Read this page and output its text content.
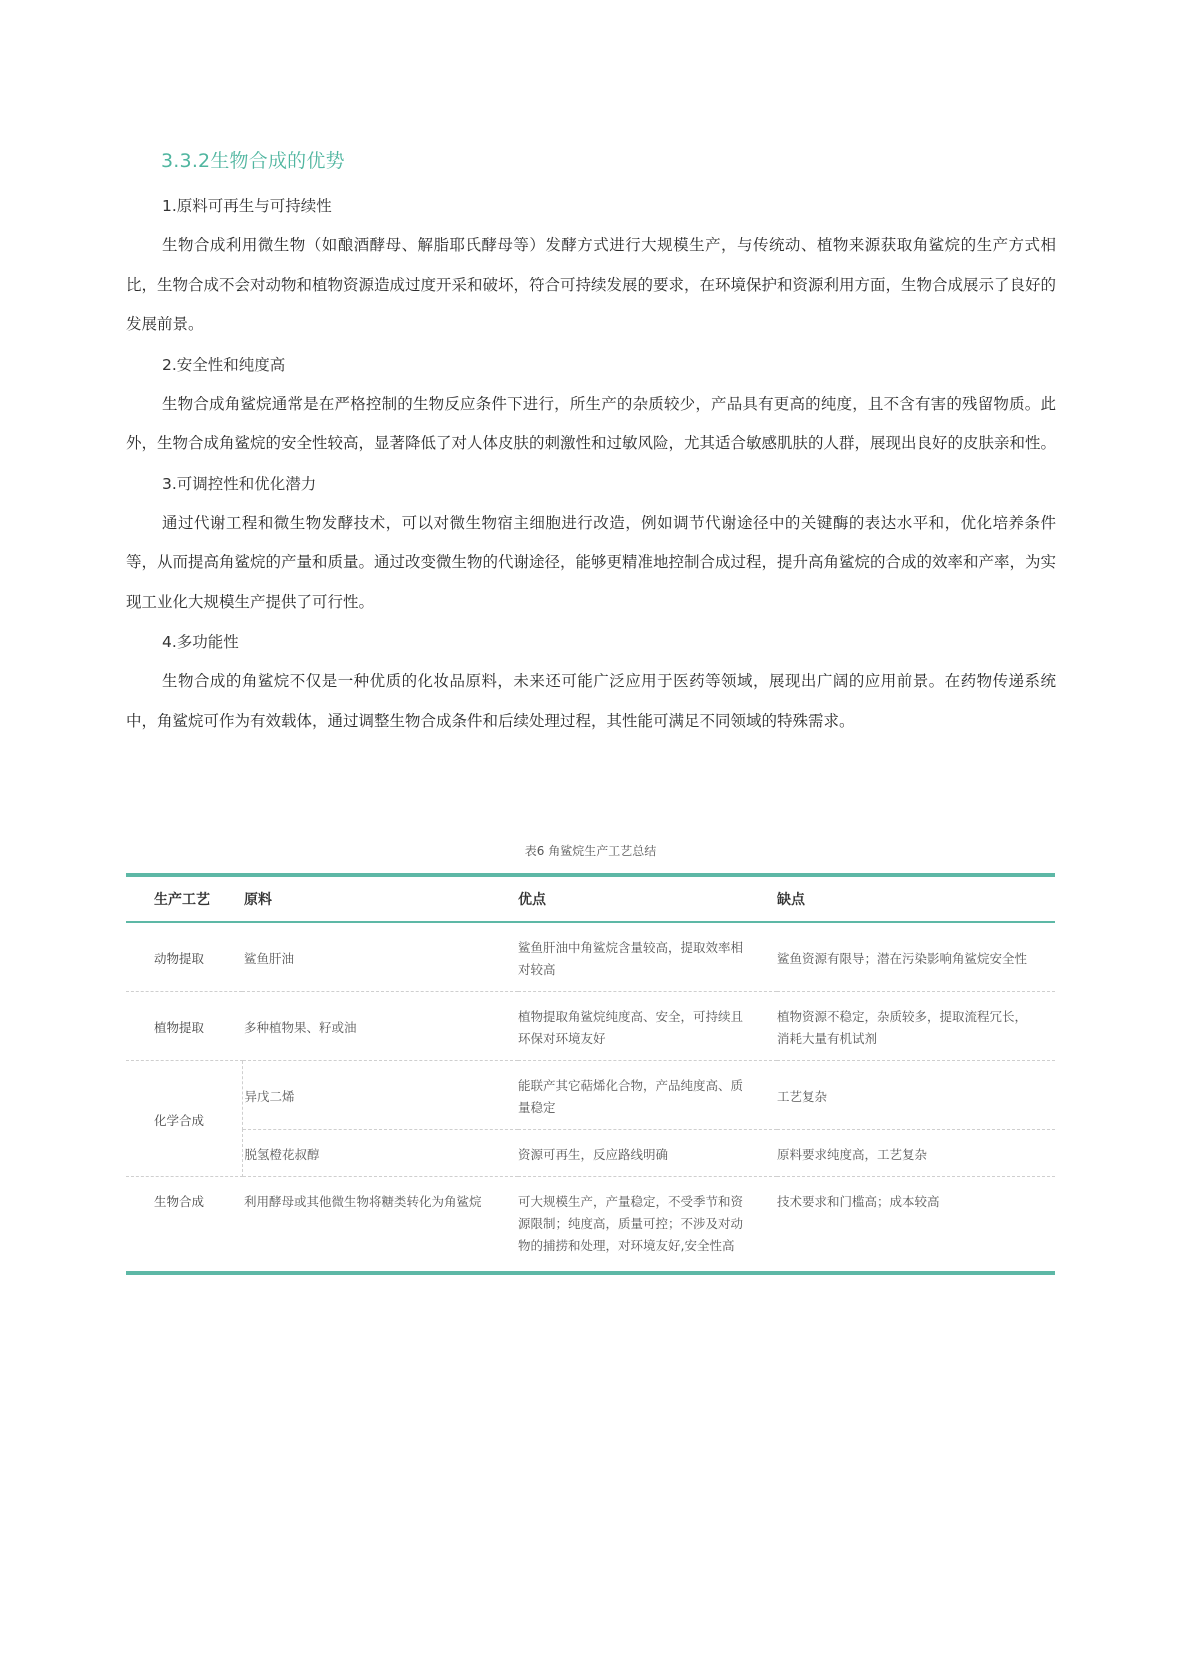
3.3.2生物合成的优势

1.原料可再生与可持续性

生物合成利用微生物（如酿酒酵母、解脂耶氏酵母等）发酵方式进行大规模生产，与传统动、植物来源获取角鲨烷的生产方式相比，生物合成不会对动物和植物资源造成过度开采和破坏，符合可持续发展的要求，在环境保护和资源利用方面，生物合成展示了良好的发展前景。

2.安全性和纯度高

生物合成角鲨烷通常是在严格控制的生物反应条件下进行，所生产的杂质较少，产品具有更高的纯度，且不含有害的残留物质。此外，生物合成角鲨烷的安全性较高，显著降低了对人体皮肤的刺激性和过敏风险，尤其适合敏感肌肤的人群，展现出良好的皮肤亲和性。

3.可调控性和优化潜力

通过代谢工程和微生物发酵技术，可以对微生物宿主细胞进行改造，例如调节代谢途径中的关键酶的表达水平和，优化培养条件等，从而提高角鲨烷的产量和质量。通过改变微生物的代谢途径，能够更精准地控制合成过程，提升高角鲨烷的合成的效率和产率，为实现工业化大规模生产提供了可行性。

4.多功能性

生物合成的角鲨烷不仅是一种优质的化妆品原料，未来还可能广泛应用于医药等领域，展现出广阔的应用前景。在药物传递系统中，角鲨烷可作为有效载体，通过调整生物合成条件和后续处理过程，其性能可满足不同领域的特殊需求。

表6 角鲨烷生产工艺总结
生产工艺	原料	优点	缺点
动物提取	鲨鱼肝油	鲨鱼肝油中角鲨烷含量较高，提取效率相对较高	鲨鱼资源有限导；潜在污染影响角鲨烷安全性
植物提取	多种植物果、籽或油	植物提取角鲨烷纯度高、安全，可持续且环保对环境友好	植物资源不稳定，杂质较多，提取流程冗长，消耗大量有机试剂
化学合成	异戊二烯	能联产其它萜烯化合物，产品纯度高、质量稳定	工艺复杂
	脱氢橙花叔醇	资源可再生，反应路线明确	原料要求纯度高，工艺复杂
生物合成	利用酵母或其他微生物将糖类转化为角鲨烷	可大规模生产，产量稳定，不受季节和资源限制；纯度高，质量可控；不涉及对动物的捕捞和处理，对环境友好,安全性高	技术要求和门槛高；成本较高
